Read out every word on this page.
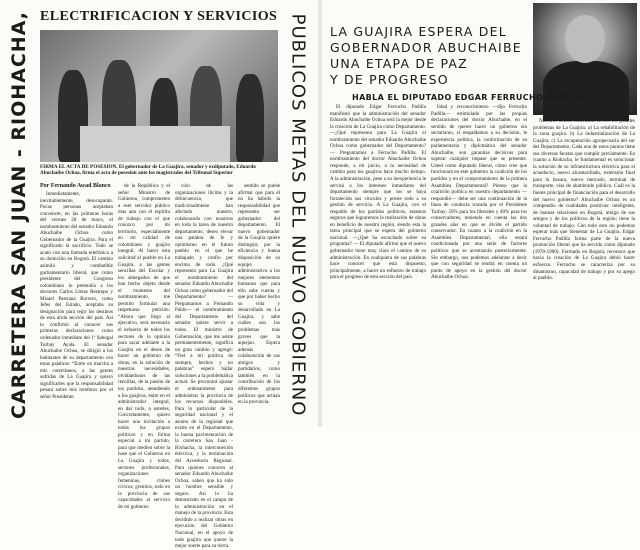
CARRETERA SAN JUAN - RIOHACHA, ELECTRIFICACION Y SERVICIOS
FIRMA EL ACTA DE POSESION. El gobernador de La Guajira, senador y exdiputado, Eduardo Abuchaibe Ochoa, firma el acta de posesión ante los magistrados del Tribunal Superior
Por Fernando Awad Blanco

Inmediatamente, inevitablemente, desocuparán. Pocas personas aceptaban convencer, en las primeras horas del viernes 28 de mayo, el nombramiento del senador Eduardo Abuchaibe Ochoa como Gobernador de la Guajira. Para el significado la sacrificio. Todo se acató con una llamada telefónica a su domicilio en Bogotá. El cambio asimiló y combatible gurbamentario liberal, que como presidente del Congreso colombiano lo pretendía a los doctores Carlos Lleras Restrepo y Misael Pastrana Borrero, como Jefes del Estado, aceptaba su designación para regir los destinos de esta árida sección del país. Así lo confirmó al conocer sus primeras declaraciones como ordenador inmediato del 1º Sabogal Turbay Ayala. El senador Abuchaibe Ochoa, se dirigió a los habitantes de su departamento con estas palabras: “Entre en marcha a mis coterráneos, a las gentes sufridas de La Guajira y quiero significarles que la responsabilidad pesará sobre mis hombros por el señor Presidente.

de la República y el señor Ministro de Gobierno, comprometen a este servidor público mas aun con el espíritu de trabajo con el que conozco por mi territorio, especialmente en mi calidad de colombiano y guajiro integral. Al hacer esta solicitud al pueblo en La Guajira, a las gentes sencillas del Escolar y los abnegados de que han hecho objeto desde el momento del nombramiento, me permito formular una respetuosa petición: “Ahora que llego al ejecutivo, será necesario el esfuerzo de todos los sectores de la opinión para sacar adelante a la Guajira en el deseo de hacer un gobierno de obras, en la solución de nuestras necesidades, olvidándonos de las rencillas, de la pasión de los partidos, atendiendo a los guajiros, entre en el administrador integral, en dar todo, a ustedes, Concretamente, quiero hacer una invitación a todos los grupos políticos y en forma especial a mi partido, para que medien sobre la base que el Gobierno en La Guajira y todos, sectores profesionales, organizaciones femeninas, clubes cívicos, gremios, todo en la provincia de sus capacidades al servicio de mi gobierno

ción de las organizaciones ilícitas y la delincuencia, que tradicionalmente han afectado nuestro, colaborando con nosotros en toda la tarea de nuestro departamento, deseo elevar una palabra de fe y optimismo en el futuro pueblo en el que he trabajado y confío por encima de todo. ¿Qué representa para La Guajira el nombramiento del senador Eduardo Abuchaibe Ochoa como gobernador del Departamento? — Preguntamos a Fernando Pablo— el nombramiento del Departamento del senador quiere servir a todos. El ministro de Gobernación, que me asiste permanentemente, significa un gran cambio y agregó: “Fiel a mi política de siempre, hechos y no palabras” espero hallar soluciones a la problemática actual. Se procurará ajustar el ordenamiento para administrar la provincia de los recursos disponibles. Para lo particular de la seguridad nacional y el asunto de la regional que existe en el Departamento, la buena pavimentación de la carretera San Juan - Riohacha, la interconexión eléctrica, y la terminación del Acueducto Regional. Para quienes conocen al senador Eduardo Abuchaibe Ochoa, saben que ha sido un hombre sensible y seguro. Así lo ha demostrado en el campo de la administración en el manejo de la provincia. Esta decidido a realizar obras en ejecución del Gobierno Nacional, en el apoyo de todo guajiro que quiere la mejor suerte para su tierra.

sentido se puede afirmar que para él no ha habido la responsabilidad que representa ser gobernador del departamento. El nuevo gobernador de la Guajira quiere distinguir, por la eficiencia y buena disposición de su equipo administrativo a los mejores elementos humanos que para ello sabe cuenta y que por haber hecho su vida y desarrollado en La Guajira, y sabe cuáles son los problemas más graves que la aquejan. Espera además colaboración de sus amigos y partidarios, como también en la contribución de los diferentes grupos políticos que actúan en la provincia. PUBLICOS METAS DEL NUEVO GOBIERNO LA GUAJIRA ESPERA DEL
GOBERNADOR ABUCHAIBE
UNA ETAPA DE PAZ
Y DE PROGRESO
HABLA EL DIPUTADO EDGAR FERRUCHO PADILLA

El diputado Edgar Ferrucho Padilla manifestó que la administración del senador Eduardo Abuchaibe Ochoa será la mejor desde la creación de La Guajira como Departamento. —¿Qué representa para La Guajira el nombramiento del senador Eduardo Abuchaibe Ochoa como gobernador del Departamento? — Preguntamos a Ferrucho Padilla. El nombramiento del doctor Abuchaibe Ochoa responde, a mi juicio, a la necesidad de cambio para los guajiros hace mucho tiempo. A la administración, pese a su inexperiencia le servirá a los intereses inmediatos del departamento siempre que los se haya fortalecido sus vínculos y preste todo a su gestión de servicio. A La Guajira, con el respaldo de los partidos políticos, estamos seguros que lograremos la realización de obras en beneficio de nuestra región, siendo esta la tarea principal que se espera del gobierno nacional. —¿Qué ha escuchado sobre su programa? — El diputado afirmó que el nuevo gobernador tiene muy claro el camino de su administración. En cualquiera de sus palabras hace conocer que está dispuesto, principalmente, a hacer un esfuerzo de trabajo para el progreso de esta sección del país.

lidad y reconocimiento —dijo Ferrucho Padilla— estimulado por las propias declaraciones del doctor Abuchaibe, en el sentido de querer hacer un gobierno sin sectarismo, sí respaldamos a su decisión, le experiencia política, la conformación de su parlamentaria y diplomática del senador Abuchaibe, son garantías decisivas para superar cualquier impase que se presente. Usted como diputado liberal, cómo cree que funcionará en este gobierno la coalición de los partidos y en el comportamiento de la primera Asamblea Departamental? Pienso que la coalición política en nuestro departamento —respondió— debe ser una continuación de la línea de conducta trazada por el Presidente Turbay: 50% para los liberales y 40% para los conservadores, teniendo en cuenta las dos grandes alas en que se divide el partido conservador. En cuanto a la coalición en la Asamblea Departamental, ella estará condicionada por una serie de factores políticos que se acentuarán posteriormente. Sin embargo, nos podemos adelantar a decir que con seguridad se tendrá en cuenta un punto de apoyo en la gestión del doctor Abuchaibe Ochoa.

Nosotros hemos sintetizado en tres los grandes problemas de La Guajira: a) La rehabilitación de la zona guajira. b) La industrialización de La Guajira. c) La recuperación agropecuaria del sur del Departamento. Cada uno de estos puntos tiene sus diversas facetas que cumplir previamente. En cuanto a Riohacha, le fundamental es solucionar la solución de su infraestructura eléctrica para el acueducto, nuevo alcantarillado, extensión final para la basura, nuevo mercado, terminal de transporte, vías de alumbrado público. Cuál es la fuente principal de financiación para el desarrollo del nuevo gobierno? Abuchaibe Ochoa es un compendio de cualidades positivas: inteligente, de buenas relaciones en Bogotá, amigo de sus amigos y de los políticos de la región; tiene la voluntad de trabajo. Con todo esto no podemos esperar más que bienestar de La Guajira. Edgar Ferrucho Padilla forma parte de la nueva promoción liberal que ha servido como diputado (1978-1980). Formado en Bogotá, reconoce que hacia la creación de La Guajira debió hacer esfuerzo. Ferrucho se caracteriza por su dinamismo, capacidad de trabajo y por su apego al pueblo.
